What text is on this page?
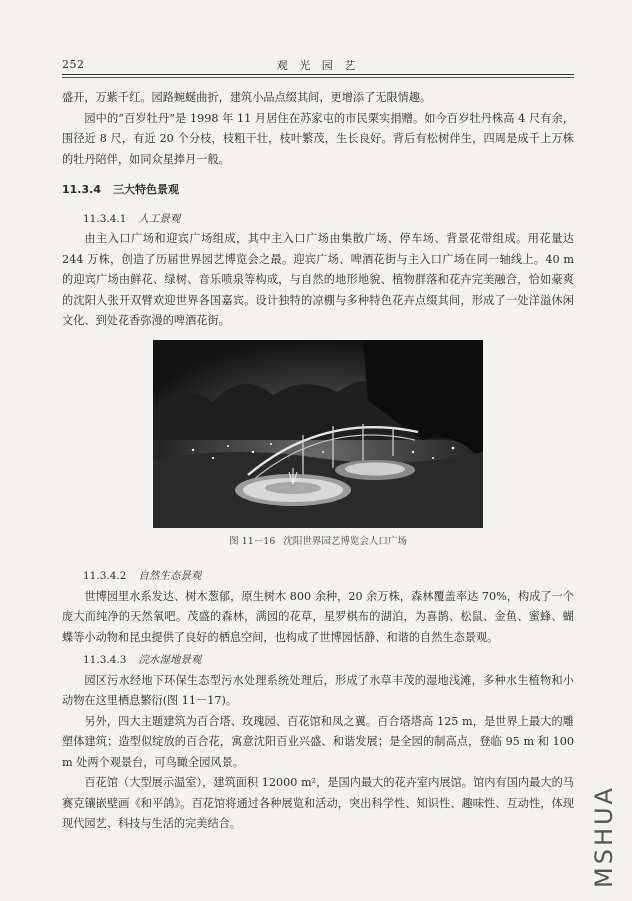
252	观 光 园 艺

盛开，万紫千红。园路蜿蜒曲折，建筑小品点缀其间，更增添了无限情趣。

园中的“百岁牡丹”是 1998 年 11 月居住在苏家屯的市民栗实捐赠。如今百岁牡丹株高 4 尺有余，围径近 8 尺，有近 20 个分枝，枝粗干壮，枝叶繁茂，生长良好。背后有松树伴生，四周是成千上万株的牡丹陪伴，如同众星捧月一般。

11.3.4 三大特色景观
11.3.4.1 人工景观

由主入口广场和迎宾广场组成，其中主入口广场由集散广场、停车场、背景花带组成。用花量达 244 万株，创造了历届世界园艺博览会之最。迎宾广场、啤酒花街与主入口广场在同一轴线上。40 m 的迎宾广场由鲜花、绿树、音乐喷泉等构成，与自然的地形地貌、植物群落和花卉完美融合，恰如豪爽的沈阳人张开双臂欢迎世界各国嘉宾。设计独特的凉棚与多种特色花卉点缀其间，形成了一处洋溢休闲文化、到处花香弥漫的啤酒花街。

图 11－16 沈阳世界园艺博览会人口广场
11.3.4.2 自然生态景观

世博园里水系发达、树木葱郁，原生树木 800 余种，20 余万株，森林覆盖率达 70%，构成了一个庞大而纯净的天然氧吧。茂盛的森林，满园的花草，星罗棋布的湖泊，为喜鹊、松鼠、金鱼、蜜蜂、蝴蝶等小动物和昆虫提供了良好的栖息空间，也构成了世博园恬静、和谐的自然生态景观。

11.3.4.3 浣水湿地景观

园区污水经地下环保生态型污水处理系统处理后，形成了水草丰茂的湿地浅滩，多种水生植物和小动物在这里栖息繁衍(图 11－17)。

另外，四大主题建筑为百合塔、玫瑰园、百花馆和凤之翼。百合塔塔高 125 m，是世界上最大的雕塑体建筑；造型似绽放的百合花，寓意沈阳百业兴盛、和谐发展；是全园的制高点，登临 95 m 和 100 m 处两个观景台，可鸟瞰全园风景。

百花馆（大型展示温室），建筑面积 12000 m²，是国内最大的花卉室内展馆。馆内有国内最大的马赛克镶嵌壁画《和平鸽》。百花馆将通过各种展览和活动，突出科学性、知识性、趣味性、互动性，体现现代园艺、科技与生活的完美结合。	MSHUA
